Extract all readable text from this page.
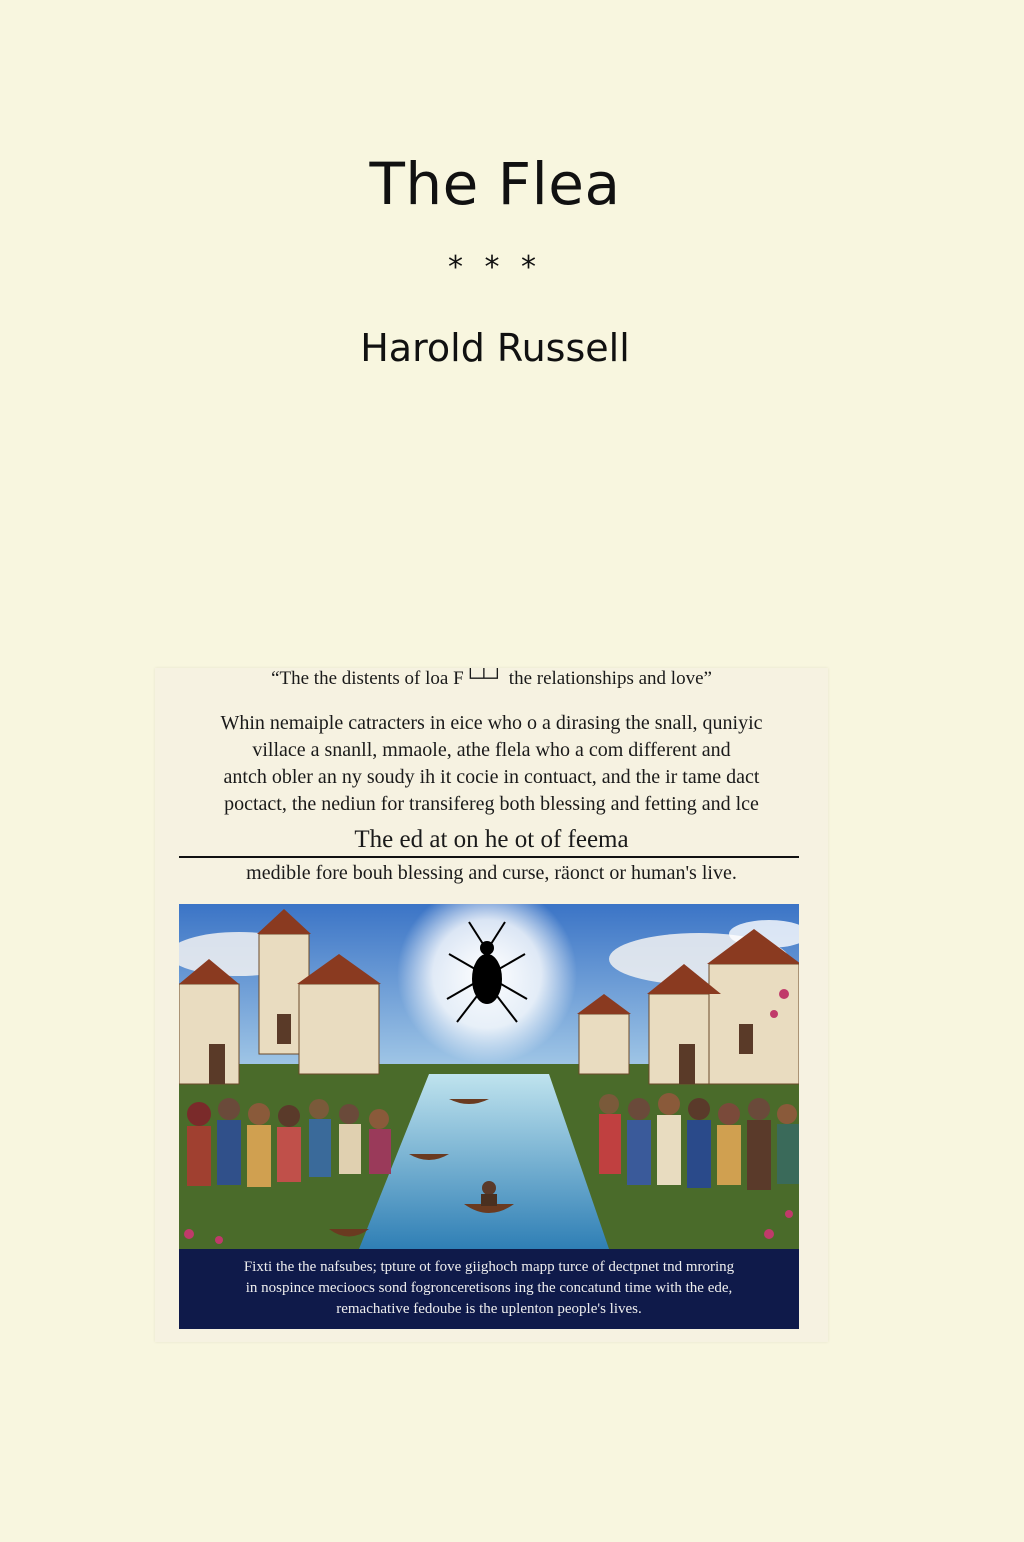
The Flea
* * *
Harold Russell
“The the distents of loa F└┴┘ the relationships and love”
Whin nemaiple catracters in eice who o a dirasing the snall, quniyic
villace a snanll, mmaole, athe flela who a com different and
antch obler an ny soudy ih it cocie in contuact, and the ir tame dact
poctact, the nediun for transifereg both blessing and fetting and lce
The ed at on he ot of feema
medible fore bouh blessing and curse, räonct or human's live.
Fixti the the nafsubes; tpture ot fove giighoch mapp turce of dectpnet tnd mroring
in nospince mecioocs sond fogronceretisons ing the concatund time with the ede,
remachative fedoube is the uplenton people's lives.
